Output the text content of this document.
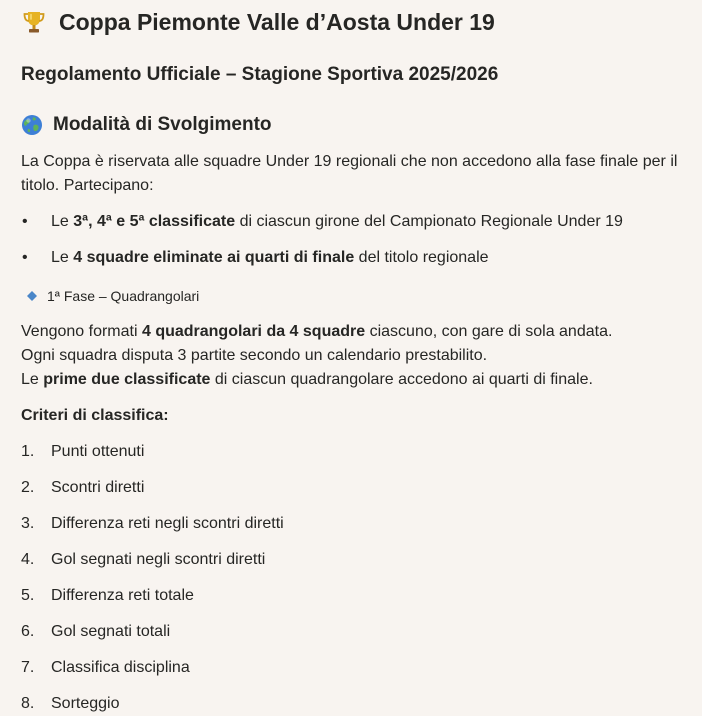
Coppa Piemonte Valle d’Aosta Under 19
Regolamento Ufficiale – Stagione Sportiva 2025/2026
Modalità di Svolgimento
La Coppa è riservata alle squadre Under 19 regionali che non accedono alla fase finale per il titolo. Partecipano:
•	Le 3ª, 4ª e 5ª classificate di ciascun girone del Campionato Regionale Under 19
•	Le 4 squadre eliminate ai quarti di finale del titolo regionale
1ª Fase – Quadrangolari
Vengono formati 4 quadrangolari da 4 squadre ciascuno, con gare di sola andata.
Ogni squadra disputa 3 partite secondo un calendario prestabilito.
Le prime due classificate di ciascun quadrangolare accedono ai quarti di finale.
Criteri di classifica:
1.	Punti ottenuti
2.	Scontri diretti
3.	Differenza reti negli scontri diretti
4.	Gol segnati negli scontri diretti
5.	Differenza reti totale
6.	Gol segnati totali
7.	Classifica disciplina
8.	Sorteggio
